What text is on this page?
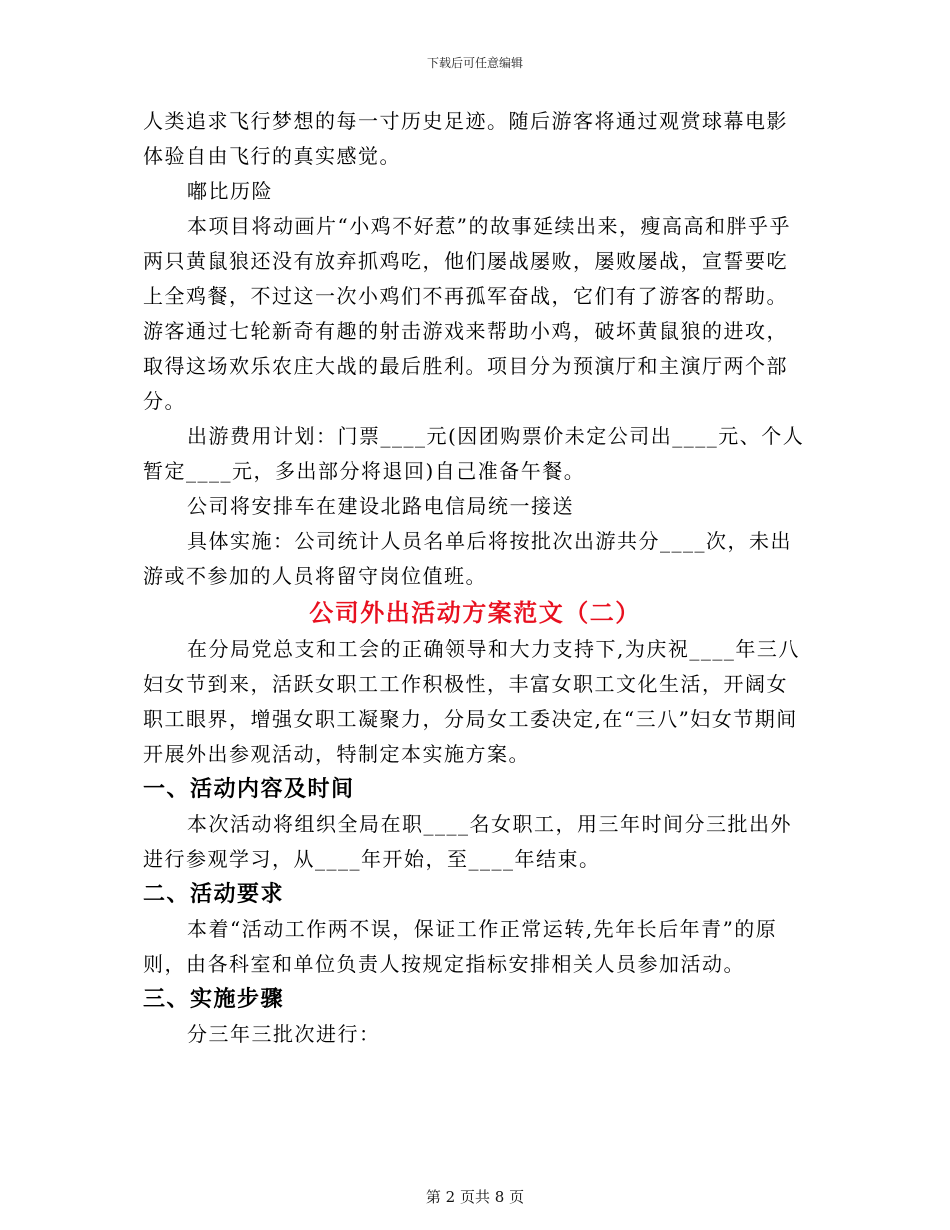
下载后可任意编辑

人类追求飞行梦想的每一寸历史足迹。随后游客将通过观赏球幕电影体验自由飞行的真实感觉。

嘟比历险

本项目将动画片“小鸡不好惹”的故事延续出来，瘦高高和胖乎乎两只黄鼠狼还没有放弃抓鸡吃，他们屡战屡败，屡败屡战，宣誓要吃上全鸡餐，不过这一次小鸡们不再孤军奋战，它们有了游客的帮助。游客通过七轮新奇有趣的射击游戏来帮助小鸡，破坏黄鼠狼的进攻，取得这场欢乐农庄大战的最后胜利。项目分为预演厅和主演厅两个部分。

出游费用计划：门票____元(因团购票价未定公司出____元、个人暂定____元，多出部分将退回)自己准备午餐。

公司将安排车在建设北路电信局统一接送

具体实施：公司统计人员名单后将按批次出游共分____次，未出游或不参加的人员将留守岗位值班。

公司外出活动方案范文（二）

在分局党总支和工会的正确领导和大力支持下,为庆祝____年三八妇女节到来，活跃女职工工作积极性，丰富女职工文化生活，开阔女职工眼界，增强女职工凝聚力，分局女工委决定,在“三八”妇女节期间开展外出参观活动，特制定本实施方案。

一、活动内容及时间

本次活动将组织全局在职____名女职工，用三年时间分三批出外进行参观学习，从____年开始，至____年结束。

二、活动要求

本着“活动工作两不误，保证工作正常运转,先年长后年青”的原则，由各科室和单位负责人按规定指标安排相关人员参加活动。

三、实施步骤

分三年三批次进行：

第 2 页共 8 页
